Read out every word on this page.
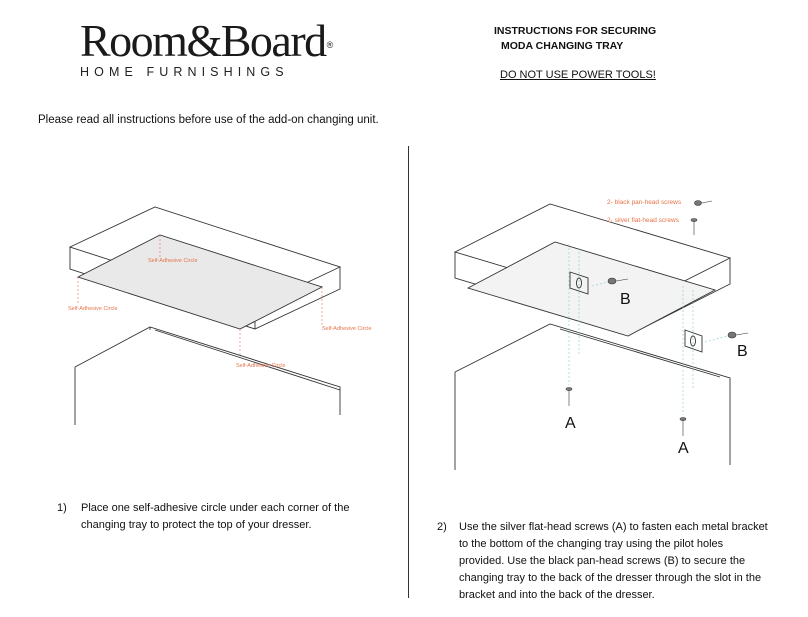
Room&Board®
HOME FURNISHINGS
INSTRUCTIONS FOR SECURING
MODA CHANGING TRAY
DO NOT USE POWER TOOLS!
Please read all instructions before use of the add-on changing unit.
Self-Adhesive Circle
Self-Adhesive Circle
Self-Adhesive Circle
Self-Adhesive Circle
2- black pan-head screws
2- silver flat-head screws
B
B
A
A
1) Place one self-adhesive circle under each corner of the
changing tray to protect the top of your dresser.	2) Use the silver flat-head screws (A) to fasten each metal bracket
to the bottom of the changing tray using the pilot holes
provided. Use the black pan-head screws (B) to secure the
changing tray to the back of the dresser through the slot in the
bracket and into the back of the dresser.
